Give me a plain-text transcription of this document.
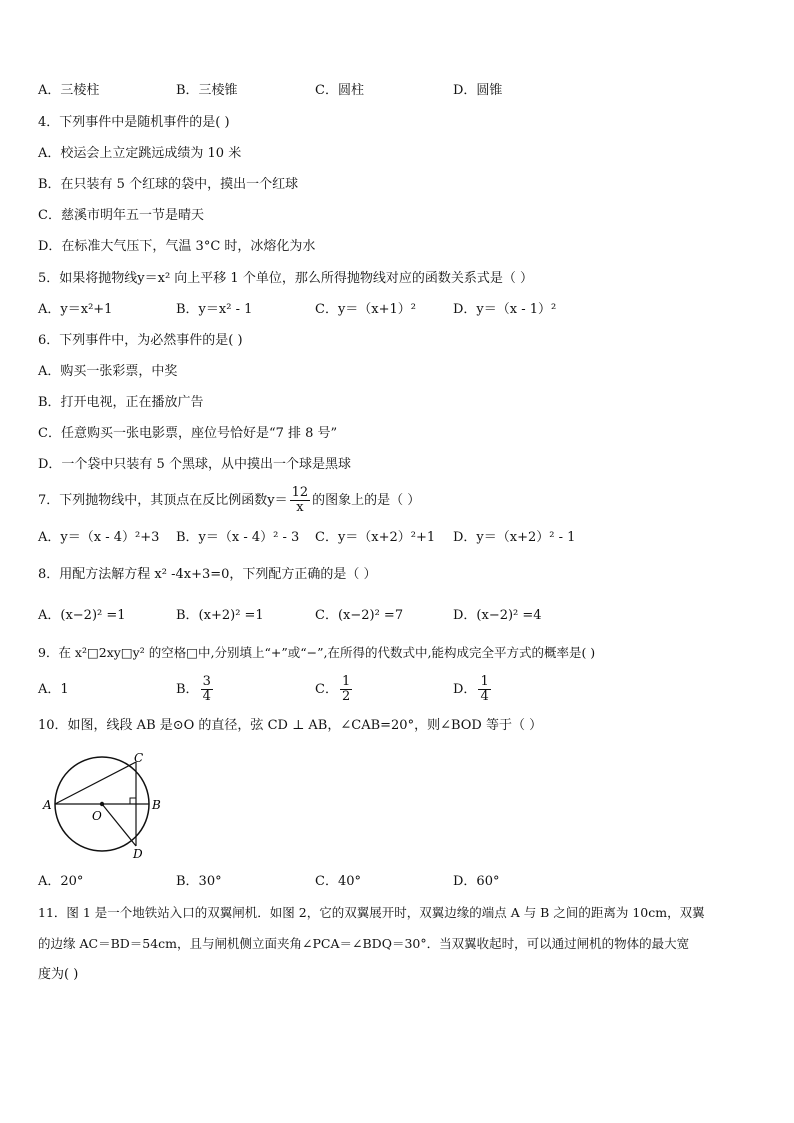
A．三棱柱	B．三棱锥	C．圆柱	D．圆锥
4．下列事件中是随机事件的是( )
A．校运会上立定跳远成绩为 10 米
B．在只装有 5 个红球的袋中，摸出一个红球
C．慈溪市明年五一节是晴天
D．在标准大气压下，气温 3°C 时，冰熔化为水
5．如果将抛物线y＝x² 向上平移 1 个单位，那么所得抛物线对应的函数关系式是（ ）
A．y＝x²+1	B．y＝x² - 1	C．y＝（x+1）²	D．y＝（x - 1）²
6．下列事件中，为必然事件的是( )
A．购买一张彩票，中奖
B．打开电视，正在播放广告
C．任意购买一张电影票，座位号恰好是“7 排 8 号”
D．一个袋中只装有 5 个黑球，从中摸出一个球是黑球
7．下列抛物线中，其顶点在反比例函数$y= \frac{12}{x}$ 的图象上的是（ ）
A．y＝（x - 4）²+3 B．y＝（x - 4）² - 3 C．y＝（x+2）²+1 D．y＝（x+2）² - 1
8．用配方法解方程 x² -4x+3=0，下列配方正确的是（ ）
A．(x−2)² =1	B．(x+2)² =1	C．(x−2)² =7	D．(x−2)² =4
9．在 x²□2xy□y² 的空格□中,分别填上“+”或“−”,在所得的代数式中,能构成完全平方式的概率是( )
A．1	B． $\frac{3}{4}$	C． $\frac{1}{2}$	D． $\frac{1}{4}$
10．如图，线段 AB 是⊙O 的直径，弦 CD ⊥ AB，∠CAB=20°，则∠BOD 等于（ ）
A	B
C
D
O
A．20°	B．30°	C．40°	D．60°
11．图 1 是一个地铁站入口的双翼闸机．如图 2，它的双翼展开时，双翼边缘的端点 A 与 B 之间的距离为 10cm，双翼
的边缘 AC＝BD＝54cm，且与闸机侧立面夹角∠PCA＝∠BDQ＝30°．当双翼收起时，可以通过闸机的物体的最大宽
度为( )
